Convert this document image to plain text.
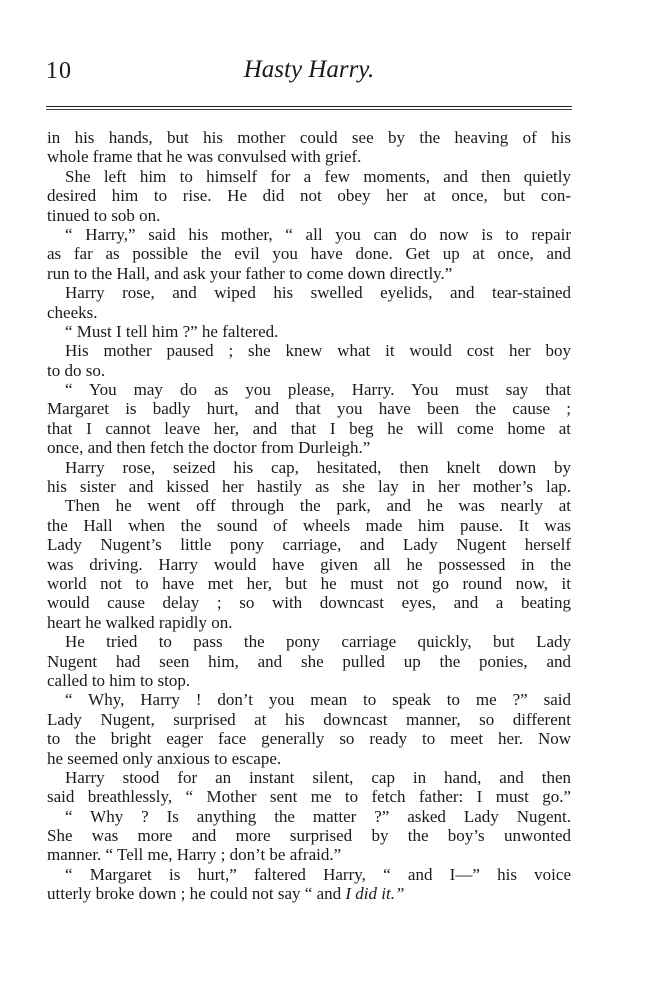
10	Hasty Harry.
in his hands, but his mother could see by the heaving of his
whole frame that he was convulsed with grief.
She left him to himself for a few moments, and then quietly
desired him to rise. He did not obey her at once, but con-
tinued to sob on.
“ Harry,” said his mother, “ all you can do now is to repair
as far as possible the evil you have done. Get up at once, and
run to the Hall, and ask your father to come down directly.”
Harry rose, and wiped his swelled eyelids, and tear-stained
cheeks.
“ Must I tell him ?” he faltered.
His mother paused ; she knew what it would cost her boy
to do so.
“ You may do as you please, Harry. You must say that
Margaret is badly hurt, and that you have been the cause ;
that I cannot leave her, and that I beg he will come home at
once, and then fetch the doctor from Durleigh.”
Harry rose, seized his cap, hesitated, then knelt down by
his sister and kissed her hastily as she lay in her mother’s lap.
Then he went off through the park, and he was nearly at
the Hall when the sound of wheels made him pause. It was
Lady Nugent’s little pony carriage, and Lady Nugent herself
was driving. Harry would have given all he possessed in the
world not to have met her, but he must not go round now, it
would cause delay ; so with downcast eyes, and a beating
heart he walked rapidly on.
He tried to pass the pony carriage quickly, but Lady
Nugent had seen him, and she pulled up the ponies, and
called to him to stop.
“ Why, Harry ! don’t you mean to speak to me ?” said
Lady Nugent, surprised at his downcast manner, so different
to the bright eager face generally so ready to meet her. Now
he seemed only anxious to escape.
Harry stood for an instant silent, cap in hand, and then
said breathlessly, “ Mother sent me to fetch father: I must go.”
“ Why ? Is anything the matter ?” asked Lady Nugent.
She was more and more surprised by the boy’s unwonted
manner. “ Tell me, Harry ; don’t be afraid.”
“ Margaret is hurt,” faltered Harry, “ and I—” his voice
utterly broke down ; he could not say “ and I did it.”
